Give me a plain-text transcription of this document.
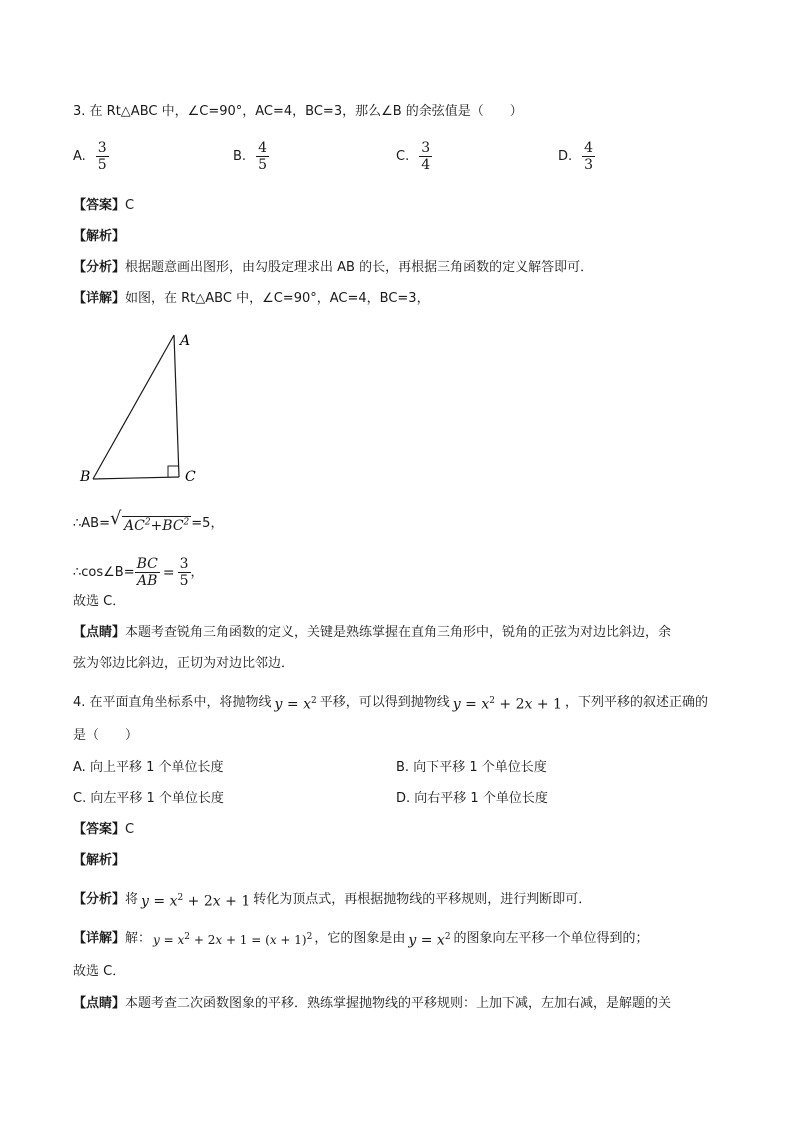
3. 在 Rt△ABC 中，∠C=90°，AC=4，BC=3，那么∠B 的余弦值是（　　）
A. $\frac{3}{5}$	B. $\frac{4}{5}$	C. $\frac{3}{4}$	D. $\frac{4}{3}$
【答案】C
【解析】
【分析】根据题意画出图形，由勾股定理求出 AB 的长，再根据三角函数的定义解答即可．
【详解】如图，在 Rt△ABC 中，∠C=90°，AC=4，BC=3，
A
B	C
∴AB= √ $AC^2+BC^2 =5$，
∴cos∠B= $\frac{BC}{AB} = \frac{3}{5}$ ，
故选 C．
【点睛】本题考查锐角三角函数的定义，关键是熟练掌握在直角三角形中，锐角的正弦为对边比斜边，余
弦为邻边比斜边，正切为对边比邻边．
4. 在平面直角坐标系中，将抛物线 $y = x^2$ 平移，可以得到抛物线 $y = x^2 + 2x + 1$ ，下列平移的叙述正确的
是（　　）
A. 向上平移 1 个单位长度	B. 向下平移 1 个单位长度
C. 向左平移 1 个单位长度	D. 向右平移 1 个单位长度
【答案】C
【解析】
【分析】 将 $y = x^2 + 2x + 1$ 转化为顶点式，再根据抛物线的平移规则，进行判断即可．
【详解】 解： $y = x^2 + 2x + 1 = (x + 1)^2$ ，它的图象是由 $y = x^2$ 的图象向左平移一个单位得到的；
故选 C．
【点睛】本题考查二次函数图象的平移．熟练掌握抛物线的平移规则：上加下减，左加右减，是解题的关
